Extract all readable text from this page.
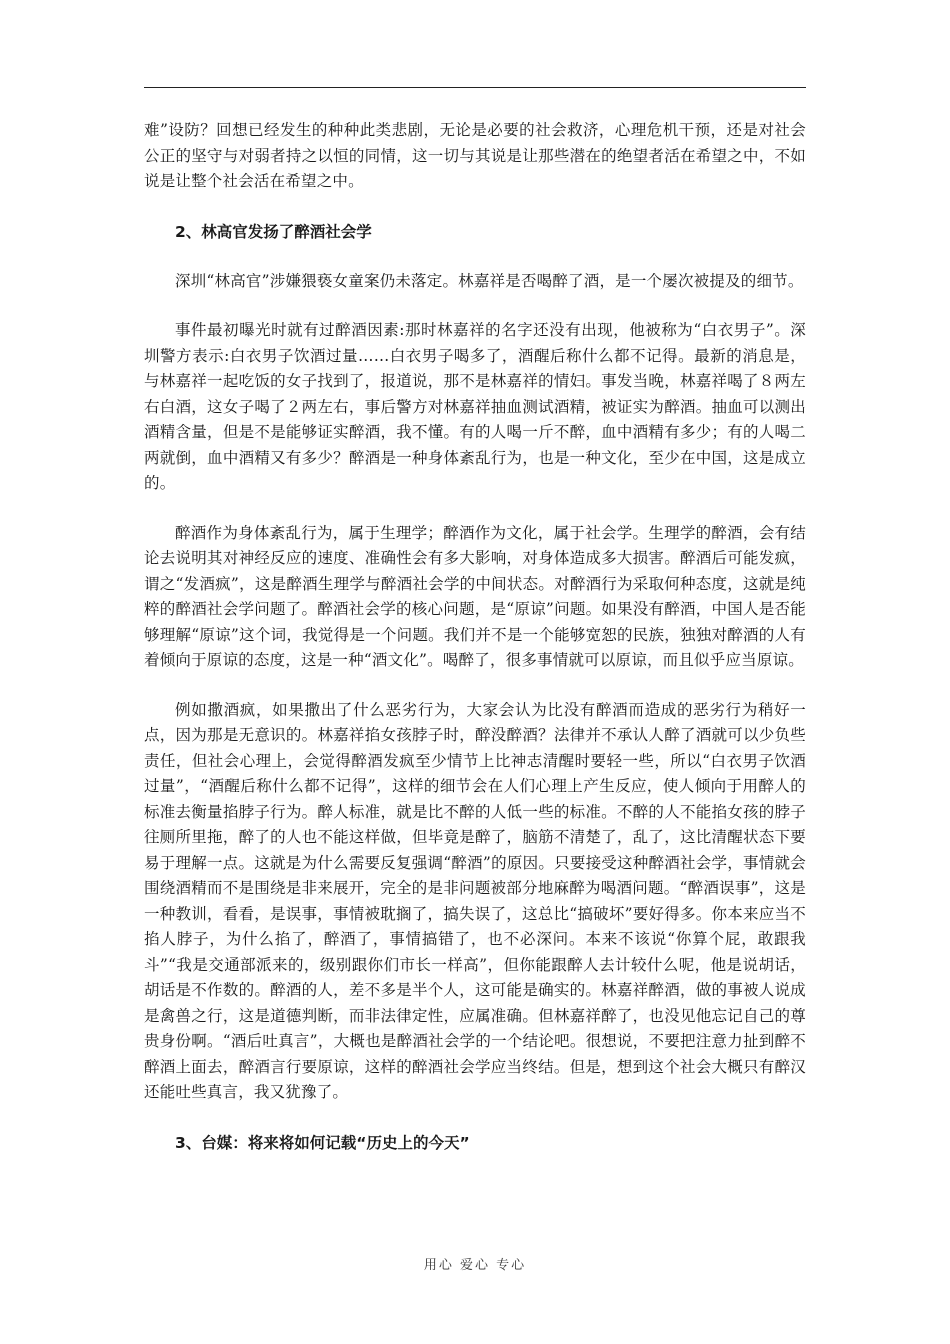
难”设防？回想已经发生的种种此类悲剧，无论是必要的社会救济，心理危机干预，还是对社会公正的坚守与对弱者持之以恒的同情，这一切与其说是让那些潜在的绝望者活在希望之中，不如说是让整个社会活在希望之中。

2、林高官发扬了醉酒社会学

深圳“林高官”涉嫌猥亵女童案仍未落定。林嘉祥是否喝醉了酒，是一个屡次被提及的细节。

事件最初曝光时就有过醉酒因素:那时林嘉祥的名字还没有出现，他被称为“白衣男子”。深圳警方表示:白衣男子饮酒过量……白衣男子喝多了，酒醒后称什么都不记得。最新的消息是，与林嘉祥一起吃饭的女子找到了，报道说，那不是林嘉祥的情妇。事发当晚，林嘉祥喝了８两左右白酒，这女子喝了２两左右，事后警方对林嘉祥抽血测试酒精，被证实为醉酒。抽血可以测出酒精含量，但是不是能够证实醉酒，我不懂。有的人喝一斤不醉，血中酒精有多少；有的人喝二两就倒，血中酒精又有多少？醉酒是一种身体紊乱行为，也是一种文化，至少在中国，这是成立的。

醉酒作为身体紊乱行为，属于生理学；醉酒作为文化，属于社会学。生理学的醉酒，会有结论去说明其对神经反应的速度、准确性会有多大影响，对身体造成多大损害。醉酒后可能发疯，谓之“发酒疯”，这是醉酒生理学与醉酒社会学的中间状态。对醉酒行为采取何种态度，这就是纯粹的醉酒社会学问题了。醉酒社会学的核心问题，是“原谅”问题。如果没有醉酒，中国人是否能够理解“原谅”这个词，我觉得是一个问题。我们并不是一个能够宽恕的民族，独独对醉酒的人有着倾向于原谅的态度，这是一种“酒文化”。喝醉了，很多事情就可以原谅，而且似乎应当原谅。

例如撒酒疯，如果撒出了什么恶劣行为，大家会认为比没有醉酒而造成的恶劣行为稍好一点，因为那是无意识的。林嘉祥掐女孩脖子时，醉没醉酒？法律并不承认人醉了酒就可以少负些责任，但社会心理上，会觉得醉酒发疯至少情节上比神志清醒时要轻一些，所以“白衣男子饮酒过量”，“酒醒后称什么都不记得”，这样的细节会在人们心理上产生反应，使人倾向于用醉人的标准去衡量掐脖子行为。醉人标准，就是比不醉的人低一些的标准。不醉的人不能掐女孩的脖子往厕所里拖，醉了的人也不能这样做，但毕竟是醉了，脑筋不清楚了，乱了，这比清醒状态下要易于理解一点。这就是为什么需要反复强调“醉酒”的原因。只要接受这种醉酒社会学，事情就会围绕酒精而不是围绕是非来展开，完全的是非问题被部分地麻醉为喝酒问题。“醉酒误事”，这是一种教训，看看，是误事，事情被耽搁了，搞失误了，这总比“搞破坏”要好得多。你本来应当不掐人脖子，为什么掐了，醉酒了，事情搞错了，也不必深问。本来不该说“你算个屁，敢跟我斗”“我是交通部派来的，级别跟你们市长一样高”，但你能跟醉人去计较什么呢，他是说胡话，胡话是不作数的。醉酒的人，差不多是半个人，这可能是确实的。林嘉祥醉酒，做的事被人说成是禽兽之行，这是道德判断，而非法律定性，应属准确。但林嘉祥醉了，也没见他忘记自己的尊贵身份啊。“酒后吐真言”，大概也是醉酒社会学的一个结论吧。很想说，不要把注意力扯到醉不醉酒上面去，醉酒言行要原谅，这样的醉酒社会学应当终结。但是，想到这个社会大概只有醉汉还能吐些真言，我又犹豫了。

3、台媒：将来将如何记载“历史上的今天”
用心 爱心 专心
